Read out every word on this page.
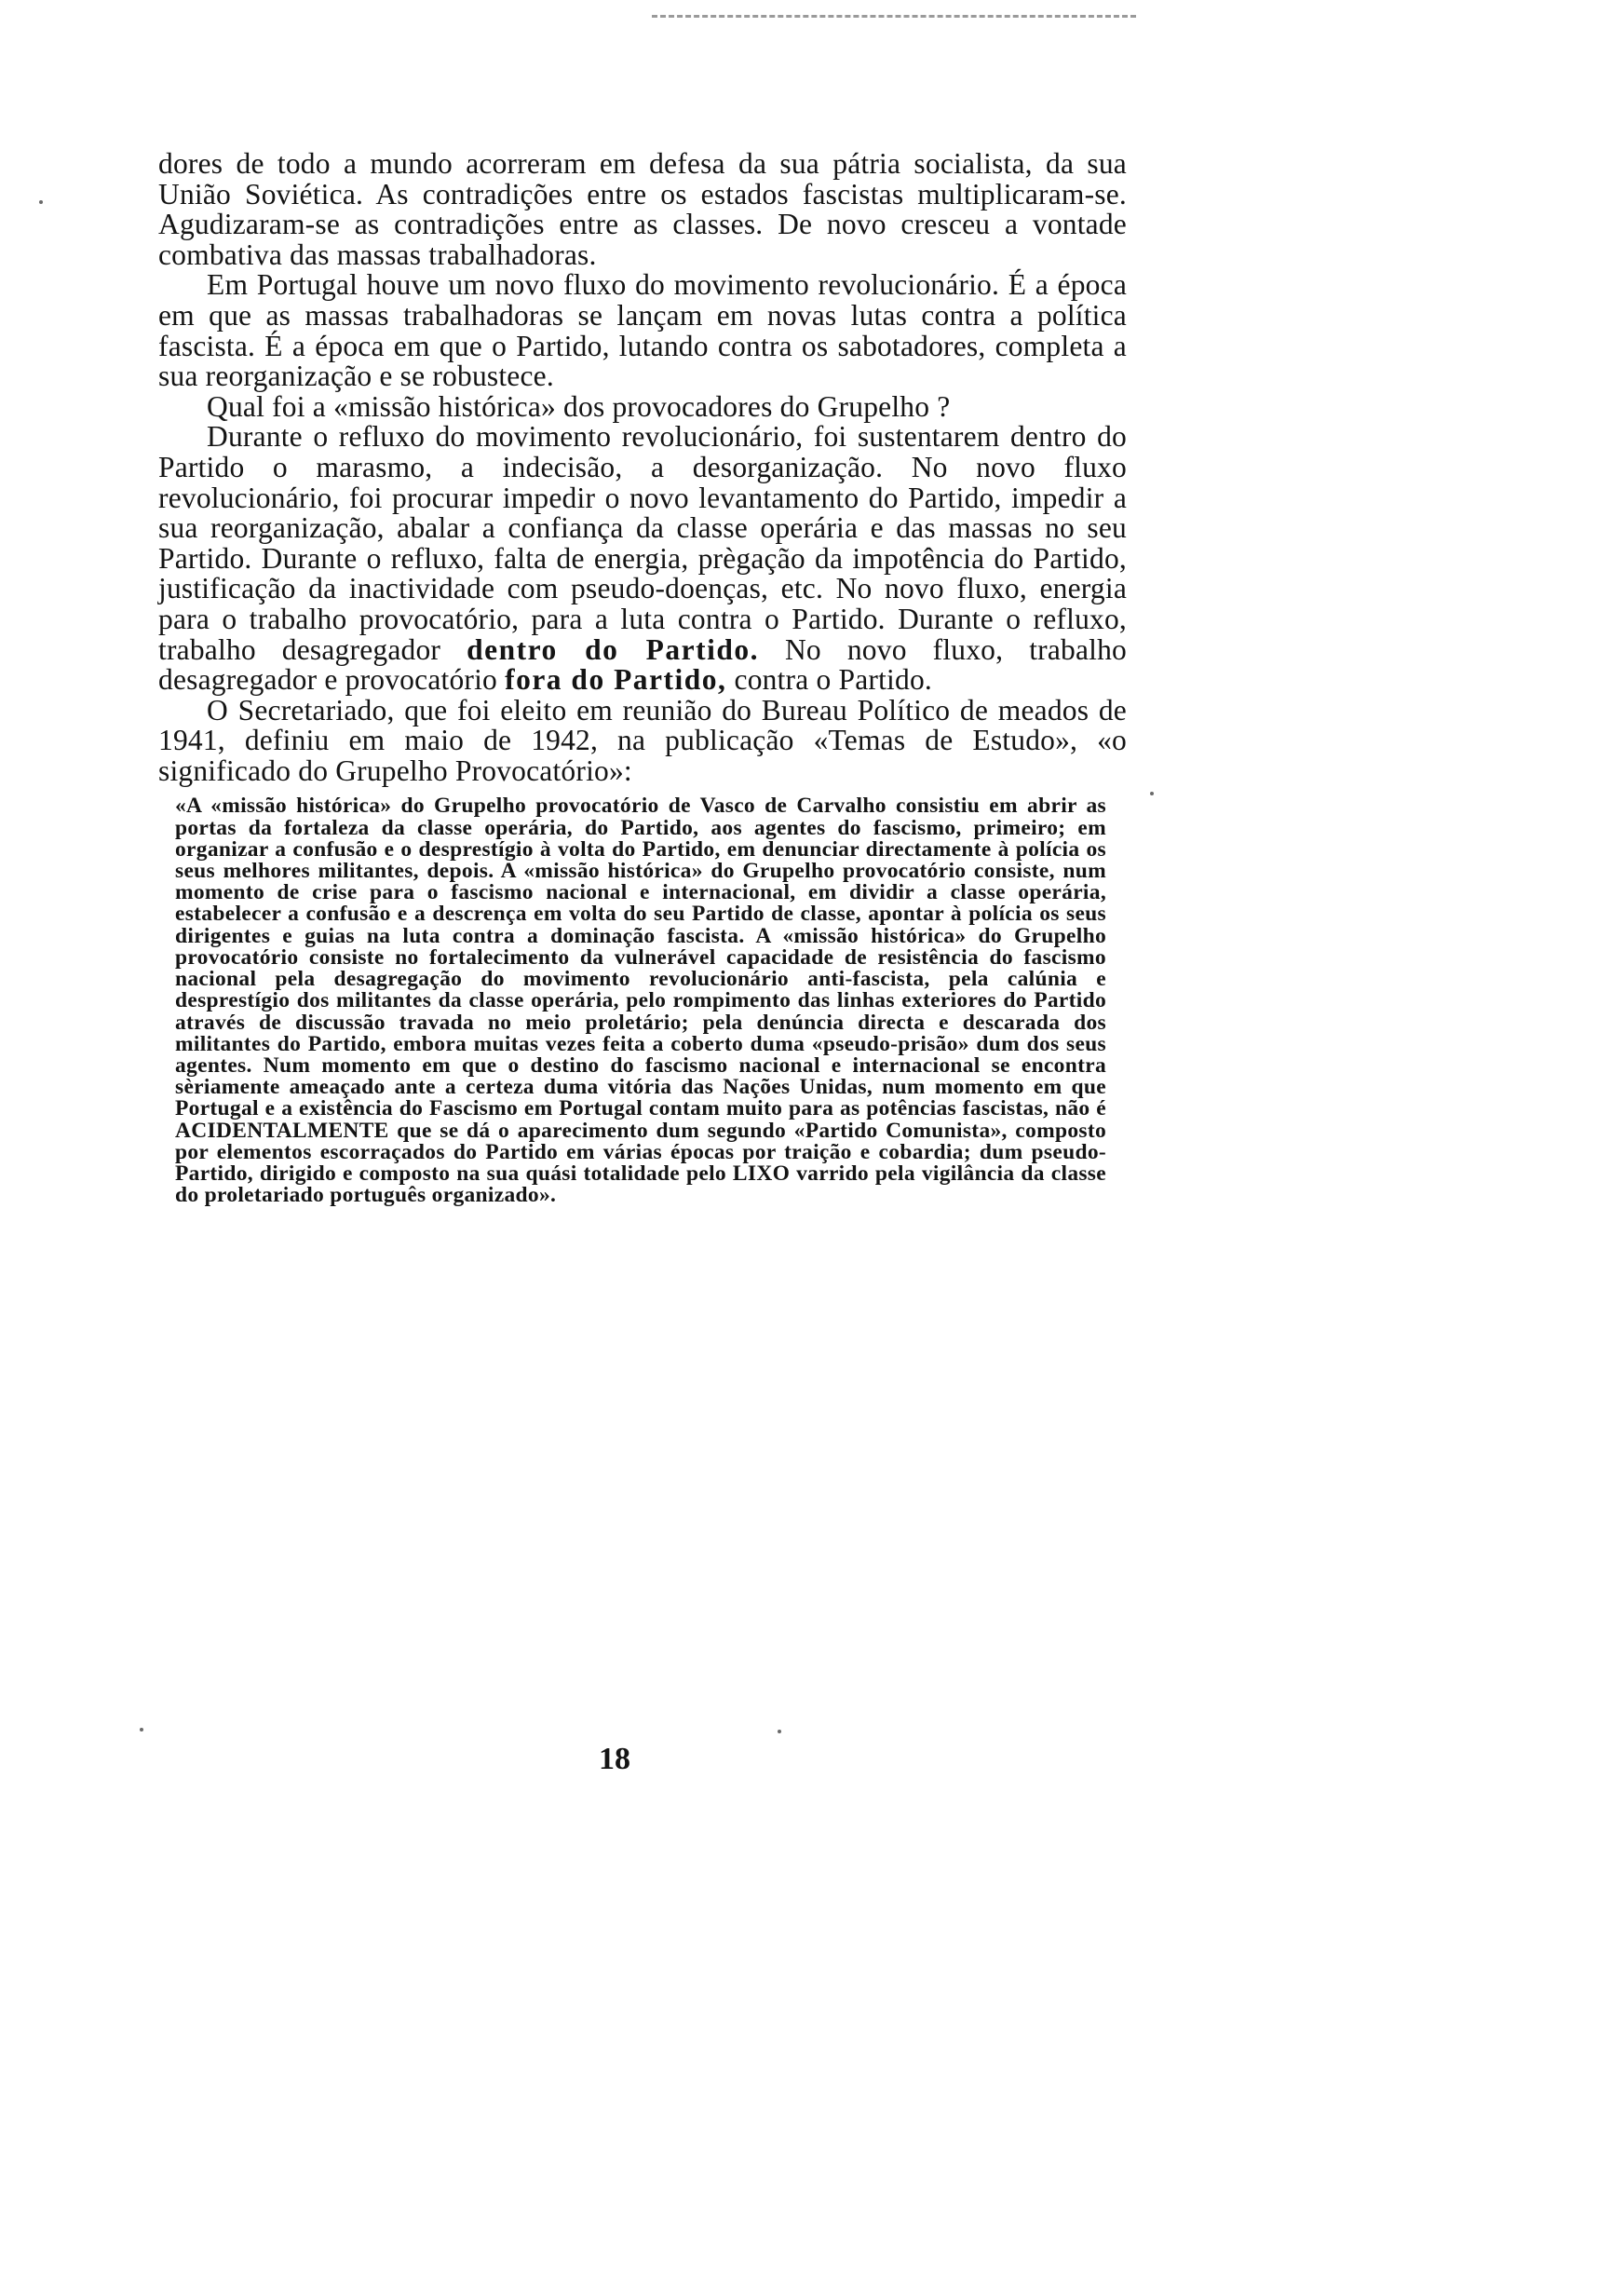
dores de todo a mundo acorreram em defesa da sua pátria socialista, da sua União Soviética. As contradições entre os estados fascistas multiplicaram-se. Agudizaram-se as contradições entre as classes. De novo cresceu a vontade combativa das massas trabalhadoras.

Em Portugal houve um novo fluxo do movimento revolucionário. É a época em que as massas trabalhadoras se lançam em novas lutas contra a política fascista. É a época em que o Partido, lutando contra os sabotadores, completa a sua reorganização e se robustece.

Qual foi a «missão histórica» dos provocadores do Grupelho ?

Durante o refluxo do movimento revolucionário, foi sustentarem dentro do Partido o marasmo, a indecisão, a desorganização. No novo fluxo revolucionário, foi procurar impedir o novo levantamento do Partido, impedir a sua reorganização, abalar a confiança da classe operária e das massas no seu Partido. Durante o refluxo, falta de energia, prègação da impotência do Partido, justificação da inactividade com pseudo-doenças, etc. No novo fluxo, energia para o trabalho provocatório, para a luta contra o Partido. Durante o refluxo, trabalho desagregador dentro do Partido. No novo fluxo, trabalho desagregador e provocatório fora do Partido, contra o Partido.

O Secretariado, que foi eleito em reunião do Bureau Político de meados de 1941, definiu em maio de 1942, na publicação «Temas de Estudo», «o significado do Grupelho Provocatório»:

«A «missão histórica» do Grupelho provocatório de Vasco de Carvalho consistiu em abrir as portas da fortaleza da classe operária, do Partido, aos agentes do fascismo, primeiro; em organizar a confusão e o desprestígio à volta do Partido, em denunciar directamente à polícia os seus melhores militantes, depois. A «missão histórica» do Grupelho provocatório consiste, num momento de crise para o fascismo nacional e internacional, em dividir a classe operária, estabelecer a confusão e a descrença em volta do seu Partido de classe, apontar à polícia os seus dirigentes e guias na luta contra a dominação fascista. A «missão histórica» do Grupelho provocatório consiste no fortalecimento da vulnerável capacidade de resistência do fascismo nacional pela desagregação do movimento revolucionário anti-fascista, pela calúnia e desprestígio dos militantes da classe operária, pelo rompimento das linhas exteriores do Partido através de discussão travada no meio proletário; pela denúncia directa e descarada dos militantes do Partido, embora muitas vezes feita a coberto duma «pseudo-prisão» dum dos seus agentes. Num momento em que o destino do fascismo nacional e internacional se encontra sèriamente ameaçado ante a certeza duma vitória das Nações Unidas, num momento em que Portugal e a existência do Fascismo em Portugal contam muito para as potências fascistas, não é ACIDENTALMENTE que se dá o aparecimento dum segundo «Partido Comunista», composto por elementos escorraçados do Partido em várias épocas por traição e cobardia; dum pseudo-Partido, dirigido e composto na sua quási totalidade pelo LIXO varrido pela vigilância da classe do proletariado português organizado».

18
